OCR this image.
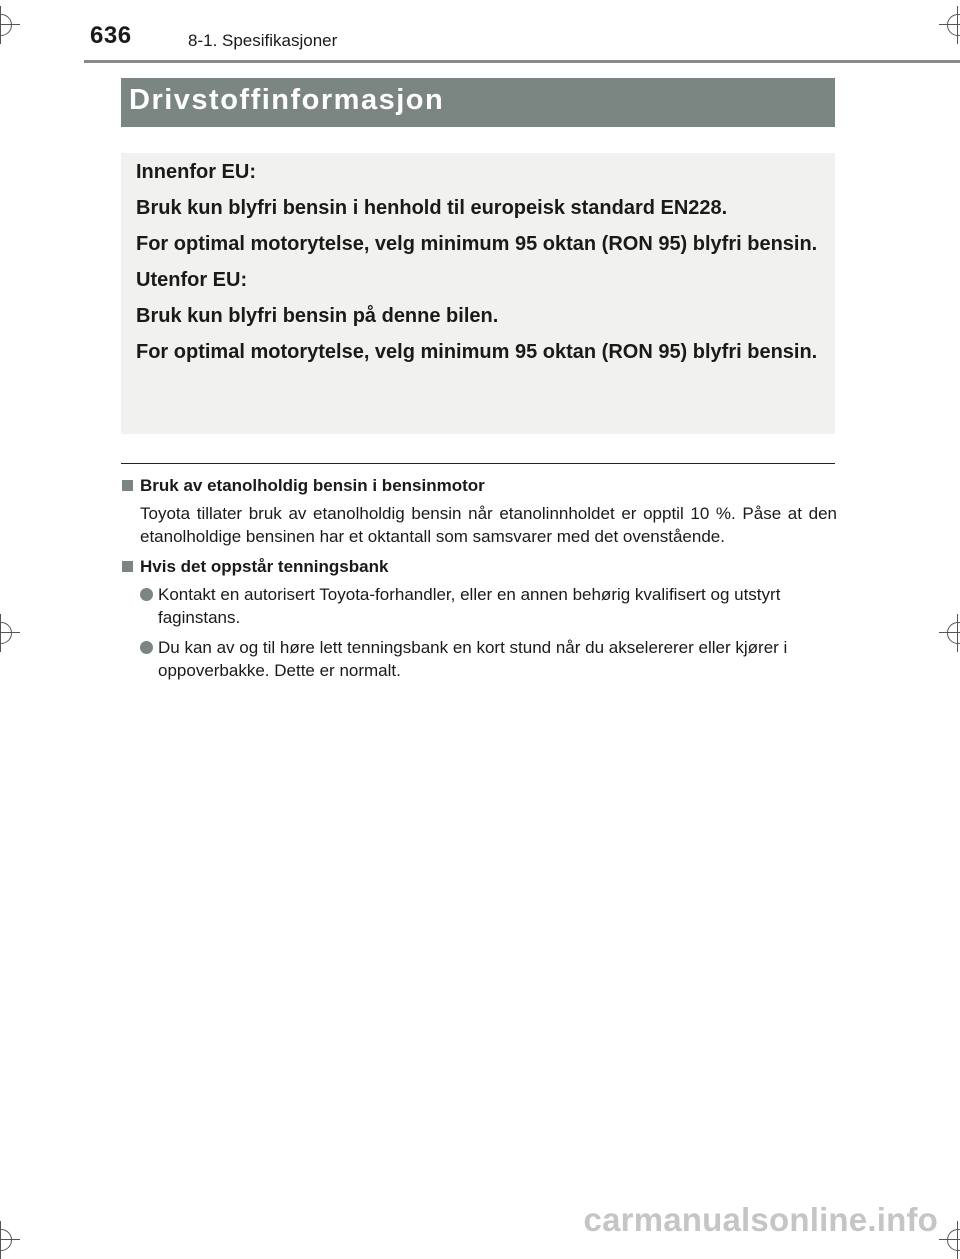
636	8-1. Spesifikasjoner
Drivstoffinformasjon

Innenfor EU:

Bruk kun blyfri bensin i henhold til europeisk standard EN228.

For optimal motorytelse, velg minimum 95 oktan (RON 95) blyfri bensin.

Utenfor EU:

Bruk kun blyfri bensin på denne bilen.

For optimal motorytelse, velg minimum 95 oktan (RON 95) blyfri bensin.

Bruk av etanolholdig bensin i bensinmotor
Toyota tillater bruk av etanolholdig bensin når etanolinnholdet er opptil 10 %. Påse at den etanolholdige bensinen har et oktantall som samsvarer med det ovenstående.
Hvis det oppstår tenningsbank
Kontakt en autorisert Toyota-forhandler, eller en annen behørig kvalifisert og utstyrt faginstans.
Du kan av og til høre lett tenningsbank en kort stund når du akselererer eller kjører i oppoverbakke. Dette er normalt.
carmanualsonline.info
